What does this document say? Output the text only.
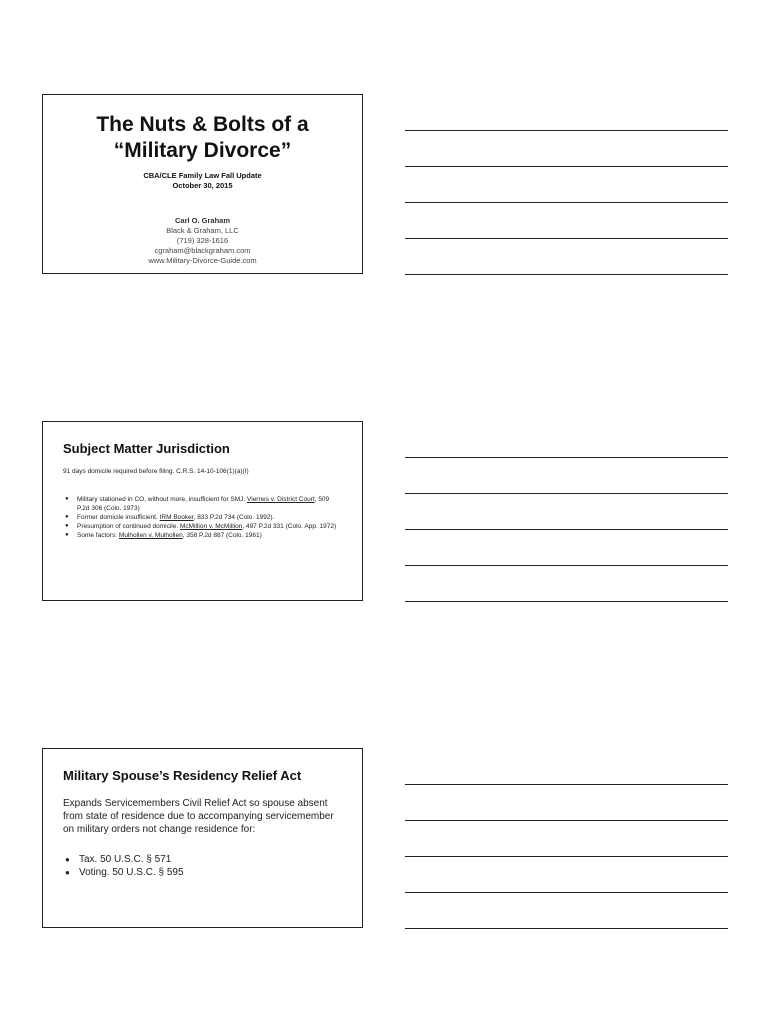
The Nuts & Bolts of a
“Military Divorce”
CBA/CLE Family Law Fall Update
October 30, 2015
Carl O. Graham
Black & Graham, LLC
(719) 328-1616
cgraham@blackgraham.com
www.Military-Divorce-Guide.com
Subject Matter Jurisdiction
91 days domicile required before filing. C.R.S. 14-10-106(1)(a)(I)
● Military stationed in CO, without more, insufficient for SMJ. Viernes v. District Court, 509 P.2d 306 (Colo. 1973)
● Former domicile insufficient. IRM Booker, 833 P.2d 734 (Colo. 1992).
● Presumption of continued domicile. McMillion v. McMillion, 497 P.2d 331 (Colo. App. 1972)
● Some factors: Mulhollen v. Mulhollen, 358 P.2d 887 (Colo. 1961)
Military Spouse’s Residency Relief Act
Expands Servicemembers Civil Relief Act so spouse absent from state of residence due to accompanying servicemember on military orders not change residence for:
● Tax. 50 U.S.C. § 571
● Voting. 50 U.S.C. § 595
